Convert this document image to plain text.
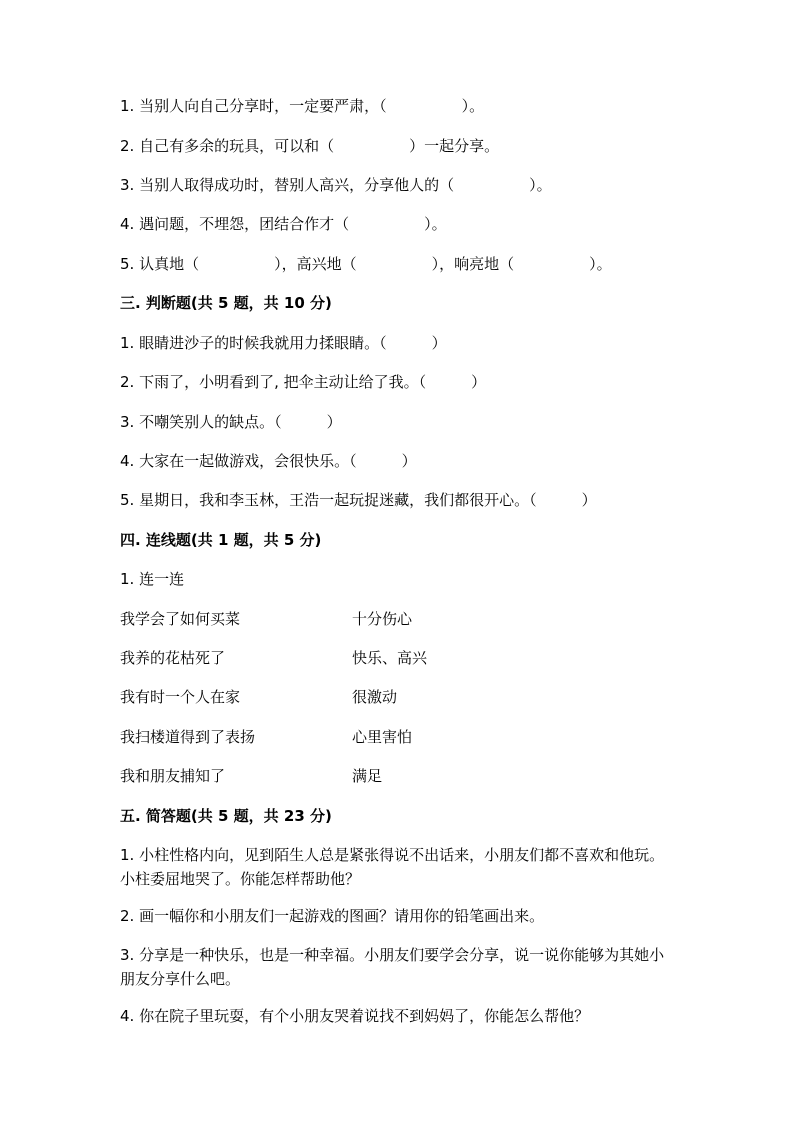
1. 当别人向自己分享时，一定要严肃，（　　　　　）。
2. 自己有多余的玩具，可以和（　　　　　）一起分享。
3. 当别人取得成功时，替别人高兴，分享他人的（　　　　　）。
4. 遇问题，不埋怨，团结合作才（　　　　　）。
5. 认真地（　　　　　），高兴地（　　　　　），响亮地（　　　　　）。
三. 判断题(共 5 题，共 10 分)
1. 眼睛进沙子的时候我就用力揉眼睛。（　　　）
2. 下雨了，小明看到了, 把伞主动让给了我。（　　　）
3. 不嘲笑别人的缺点。（　　　）
4. 大家在一起做游戏，会很快乐。（　　　）
5. 星期日，我和李玉林，王浩一起玩捉迷藏，我们都很开心。（　　　）
四. 连线题(共 1 题，共 5 分)
1. 连一连
我学会了如何买菜	十分伤心
我养的花枯死了	快乐、高兴
我有时一个人在家	很激动
我扫楼道得到了表扬	心里害怕
我和朋友捕知了	满足
五. 简答题(共 5 题，共 23 分)
1. 小柱性格内向，见到陌生人总是紧张得说不出话来，小朋友们都不喜欢和他玩。小柱委屈地哭了。你能怎样帮助他？
2. 画一幅你和小朋友们一起游戏的图画？请用你的铅笔画出来。
3. 分享是一种快乐，也是一种幸福。小朋友们要学会分享，说一说你能够为其她小朋友分享什么吧。
4. 你在院子里玩耍，有个小朋友哭着说找不到妈妈了，你能怎么帮他？
